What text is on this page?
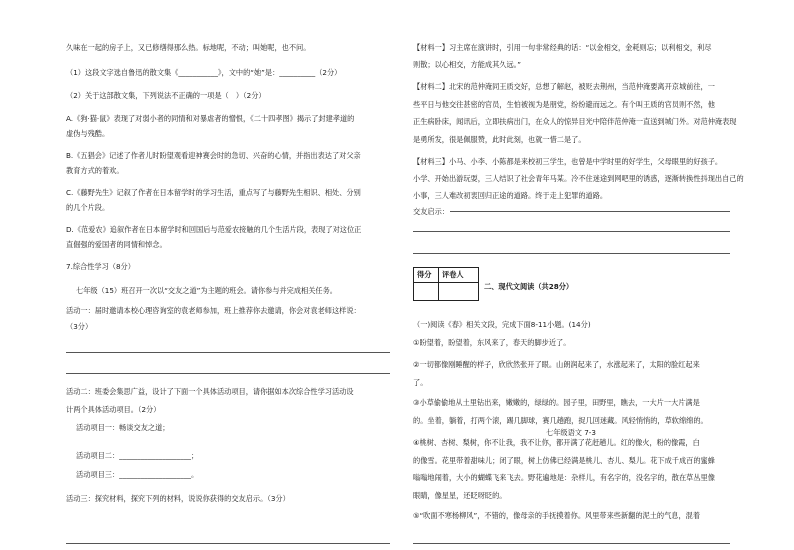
久味在一起的房子上，又已修缮得那么热。标地呢，不动；叫她呢，也不问。
（1）这段文字选自鲁迅的散文集《___________》，文中的“她”是：__________（2分）
（2）关于这部散文集，下列说法不正确的一项是（　）（2分）
A.《狗·猫·鼠》表现了对弱小者的同情和对暴虐者的憎恨，《二十四孝图》揭示了封建孝道的
虚伪与残酷。
B.《五猖会》记述了作者儿时盼望观看迎神赛会时的急切、兴奋的心情，并指出表达了对父亲
教育方式的着欢。
C.《藤野先生》记叙了作者在日本留学时的学习生活，重点写了与藤野先生相识、相处、分别
的几个片段。
D.《范爱农》追叙作者在日本留学时和回国后与范爱农接触的几个生活片段，表现了对这位正
直倔强的爱国者的同情和悼念。
7.综合性学习（8分）
七年级（15）班召开一次以“交友之道”为主题的班会。请你参与并完成相关任务。
活动一：届时邀请本校心理咨询室的袁老师参加，班上推荐你去邀请，你会对袁老师这样说：
（3分）
活动二：班委会集思广益，设计了下面一个具体活动项目，请你据如本次综合性学习活动设
计两个具体活动项目。（2分）
活动项目一：畅谈交友之道；
活动项目二：____________________；
活动项目三：____________________。
活动三：探究材料，探究下列的材料，说说你获得的交友启示。（3分）
【材料一】习主席在演讲时，引用一句非常经典的话：“以金相交，金耗则忘；以利相交，利尽
则散；以心相交，方能成其久远。”
【材料二】北宋的范仲淹同王质交好，总想了解赵，被贬去荆州，当范仲淹要离开京城前往，一
些平日与他交往甚密的官员，生怕被视为是朋党，纷纷避而远之。有个叫王质的官员则不然，他
正生病卧床，闻讯后，立即扶病出门，在众人的惊异目光中陪伴范仲淹一直送到城门外。对范仲淹表现
是勇所发，很是佩服赞，此时此刻，也就一惜二是了。
【材料三】小马、小李、小陈都是来校初三学生，也曾是中学时里的好学生，父母眼里的好孩子。
小学、开始出游玩耍，三人结识了社会青年马某。冷不住迷途到网吧里的诱惑，逐渐转换性抖现出自己的
小事，三人难改初衷回归正途的道路。终于走上犯罪的道路。
交友启示：
二、现代文阅读（共28分）
（一)阅读《春》相关文段，完成下面8-11小题。(14分)
①盼望着，盼望着，东风来了，春天的脚步近了。
②一切都像刚睡醒的样子，欣欣然张开了眼。山朗润起来了，水涨起来了，太阳的脸红起来
了。
③小草偷偷地从土里钻出来，嫩嫩的，绿绿的。园子里，田野里，瞧去，一大片一大片满是
的。坐着，躺着，打两个滚，踢几脚球，赛几趟跑，捉几回迷藏。风轻悄悄的，草软绵绵的。
七年级语文 7-3
④桃树、杏树、梨树，你不让我，我不让你，都开满了花赶趟儿。红的像火，粉的像霞，白
的像雪。花里带着甜味儿；闭了眼，树上仿佛已经满是桃儿、杏儿、梨儿。花下成千成百的蜜蜂
嗡嗡地闹着，大小的蝴蝶飞来飞去。野花遍地是：杂样儿，有名字的，没名字的，散在草丛里像
眼睛，像星星，还眨呀眨的。
⑤“吹面不寒杨柳风”，不错的，像母亲的手抚摸着你。风里带来些新翻的泥土的气息，混着
得分 评卷人
